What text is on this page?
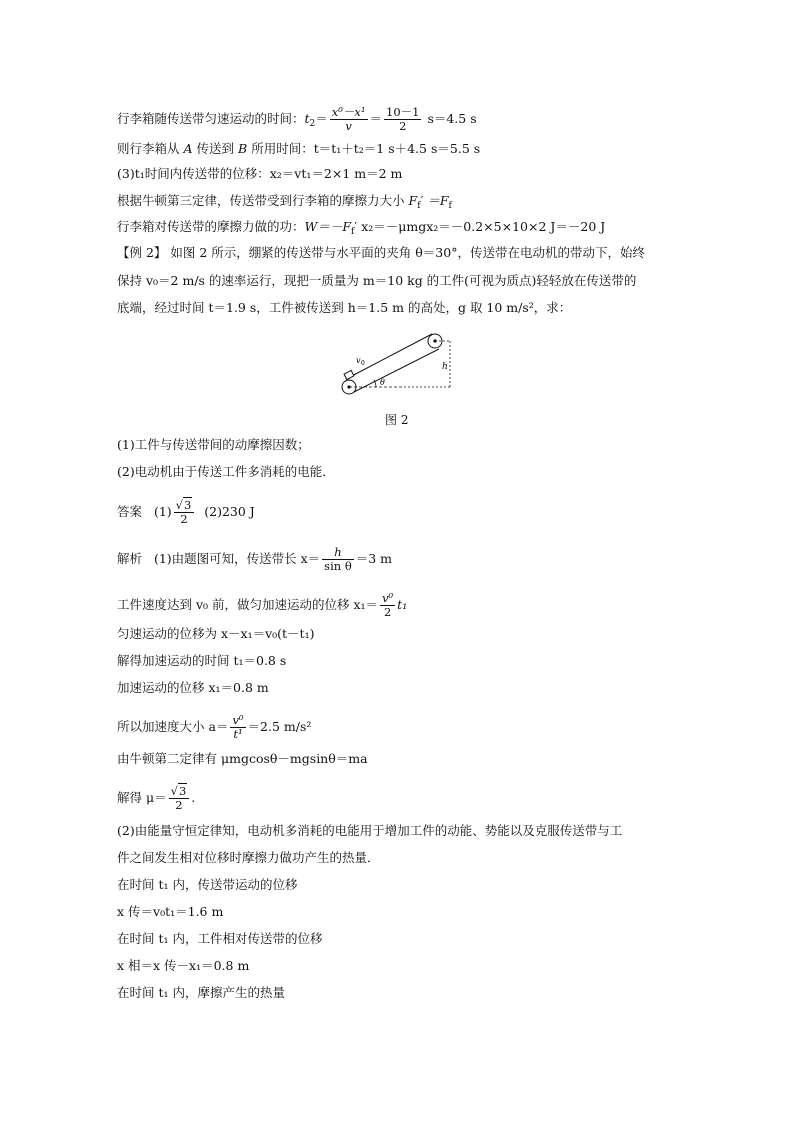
行李箱随传送带匀速运动的时间：$t_2= \frac{\text{x⁰－x¹}}{v} = \frac{10-1}{2} s=4.5$ s
则行李箱从 A 传送到 B 所用时间：t＝t₁＋t₂＝1 s＋4.5 s＝5.5 s
(3)t₁时间内传送带的位移：x₂＝vt₁＝2×1 m＝2 m
根据牛顿第三定律，传送带受到行李箱的摩擦力大小 $F_f' =F_f$
行李箱对传送带的摩擦力做的功：$W=-F_f'$ x₂＝－μmgx₂＝－0.2×5×10×2 J＝－20 J
【例 2】 如图 2 所示，绷紧的传送带与水平面的夹角 θ＝30°，传送带在电动机的带动下，始终
保持 v₀＝2 m/s 的速率运行，现把一质量为 m＝10 kg 的工件(可视为质点)轻轻放在传送带的
底端，经过时间 t＝1.9 s，工件被传送到 h＝1.5 m 的高处，g 取 10 m/s²，求：
v 0	h
θ
图 2
(1)工件与传送带间的动摩擦因数；
(2)电动机由于传送工件多消耗的电能．
答案 $(1) \frac{√3}{2} (2)230$ J
解析 (1)由题图可知，传送带长 $x= \frac{h}{\text{sin θ}} =3$ m
工件速度达到 v₀ 前，做匀加速运动的位移 $x_1= \frac{\text{v⁰}}{2} t_1$
匀速运动的位移为 x－x₁＝v₀(t－t₁)
解得加速运动的时间 t₁＝0.8 s
加速运动的位移 x₁＝0.8 m
所以加速度大小 $a= \frac{\text{v⁰}}{\text{t¹}} =2.5$ m/s²
由牛顿第二定律有 μmgcosθ－mgsinθ＝ma
解得 $\mu= \frac{√3}{2}$ .
(2)由能量守恒定律知，电动机多消耗的电能用于增加工件的动能、势能以及克服传送带与工
件之间发生相对位移时摩擦力做功产生的热量．
在时间 t₁ 内，传送带运动的位移
x 传＝v₀t₁＝1.6 m
在时间 t₁ 内，工件相对传送带的位移
x 相＝x 传－x₁＝0.8 m
在时间 t₁ 内，摩擦产生的热量
